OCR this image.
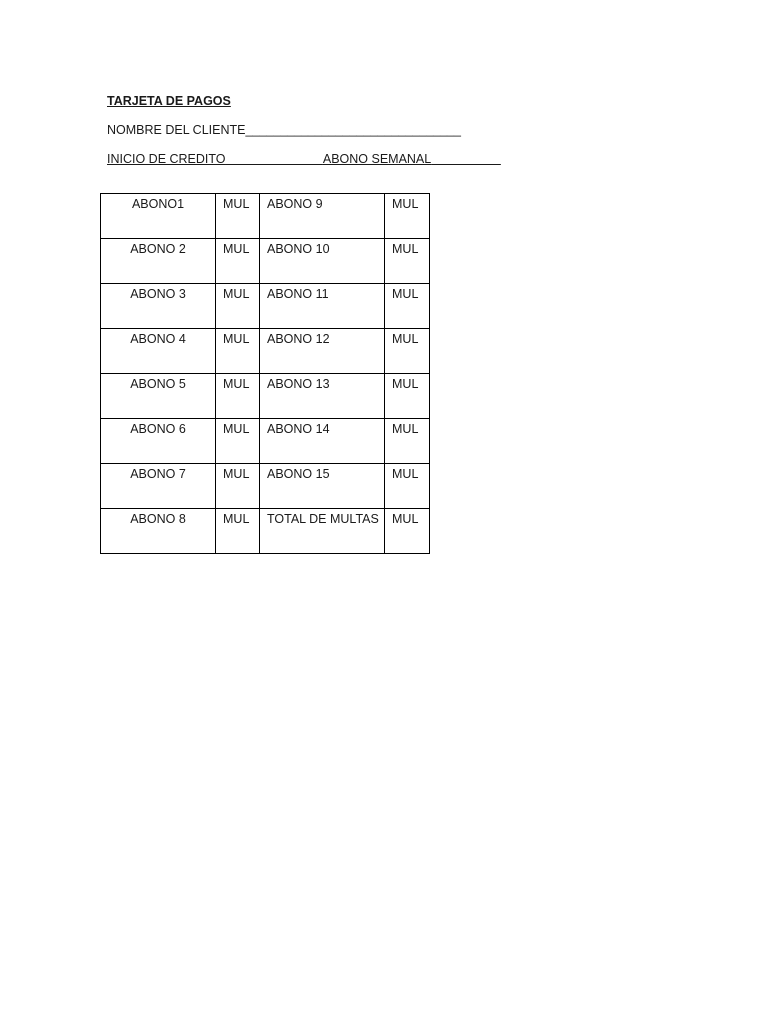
TARJETA DE PAGOS
NOMBRE DEL CLIENTE_______________________________
INICIO DE CREDITO______________ABONO SEMANAL__________
ABONO1	MUL	ABONO 9	MUL
ABONO 2	MUL	ABONO 10	MUL
ABONO 3	MUL	ABONO 11	MUL
ABONO 4	MUL	ABONO 12	MUL
ABONO 5	MUL	ABONO 13	MUL
ABONO 6	MUL	ABONO 14	MUL
ABONO 7	MUL	ABONO 15	MUL
ABONO 8	MUL	TOTAL DE MULTAS	MUL
